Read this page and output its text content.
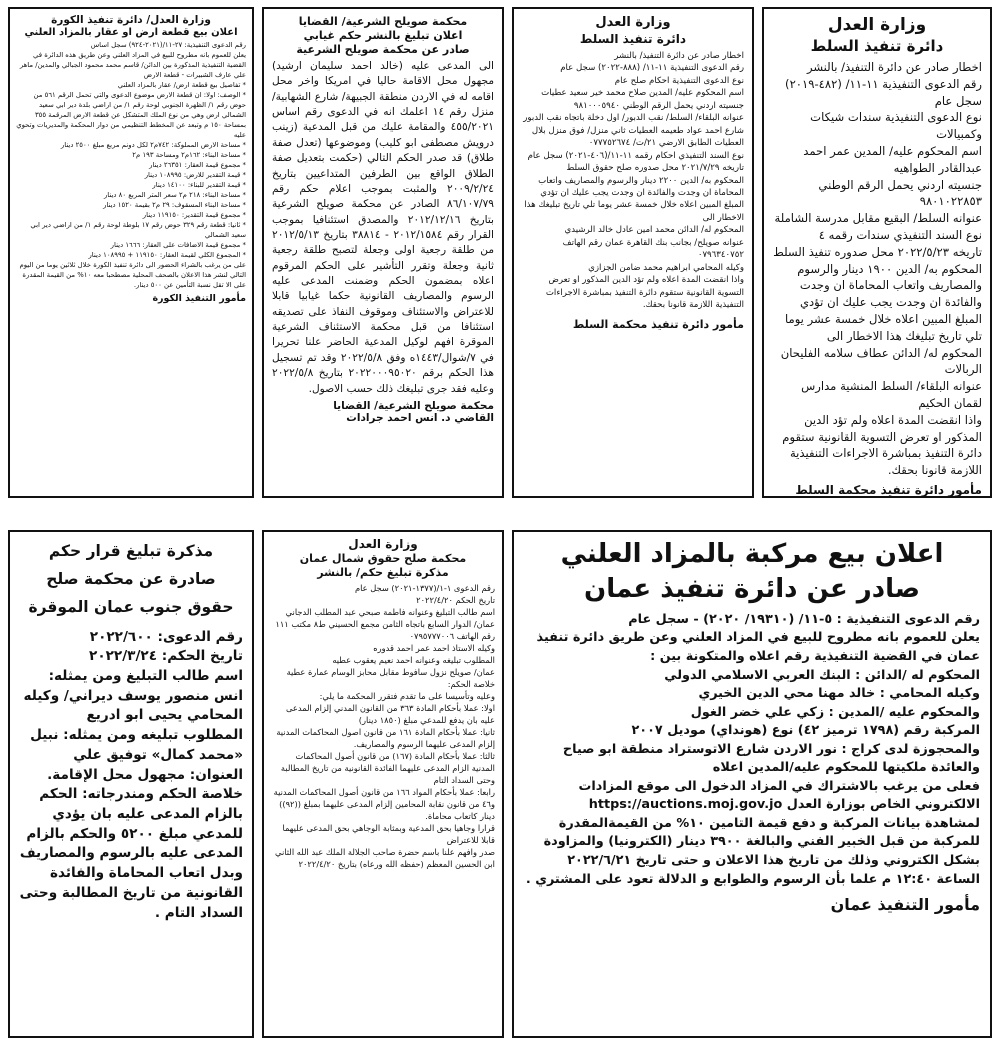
وزارة العدل

دائرة تنفيذ السلط

اخطار صادر عن دائرة التنفيذ/ بالنشر

رقم الدعوى التنفيذية ١١-١١/ (٤٨٢-٢٠١٩)

سجل عام

نوع الدعوى التنفيذية سندات شيكات وكمبيالات

اسم المحكوم عليه/ المدين عمر احمد عبدالقادر الطواهيه

جنسيته اردني يحمل الرقم الوطني ٩٨٠١٠٢٢٨٥٣

عنوانه السلط/ البقيع مقابل مدرسة الشاملة

نوع السند التنفيذي سندات رقمه ٤

تاريخه ٢٠٢٢/٥/٢٣ محل صدوره تنفيذ السلط

المحكوم به/ الدين ١٩٠٠ دينار والرسوم والمصاريف واتعاب المحاماة ان وجدت والفائدة ان وجدت يجب عليك ان تؤدي المبلغ المبين اعلاه خلال خمسة عشر يوما تلي تاريخ تبليغك هذا الاخطار الى

المحكوم له/ الدائن عطاف سلامه الفليحان الربالات

عنوانه البلقاء/ السلط المنشية مدارس لقمان الحكيم

واذا انقضت المدة اعلاه ولم تؤد الدين المذكور او تعرض التسوية القانونية ستقوم دائرة التنفيذ بمباشرة الاجراءات التنفيذية اللازمة قانونا بحقك.

مأمور دائرة تنفيذ محكمة السلط

وزارة العدل

دائرة تنفيذ السلط

اخطار صادر عن دائرة التنفيذ/ بالنشر

رقم الدعوى التنفيذية ١١-١١/ (٨٨٨-٢٠٢٢) سجل عام

نوع الدعوى التنفيذية احكام صلح عام

اسم المحكوم عليه/ المدين صلاح محمد خير سعيد عطيات

جنسيته اردني يحمل الرقم الوطني ٩٨١٠٠٠٥٩٤٠

عنوانه البلقاء/ السلط/ نقب الدبور/ اول دخلة باتجاه نقب الدبور شارع احمد عواد طعيمه العطيات ثاني منزل/ فوق منزل بلال العطيات الطابق الارضي ٢١/ت/ ٠٧٧٧٥٢٦٧٤

نوع السند التنفيذي احكام رقمه ١١-١١/(٤٠٦-٢٠٢١) سجل عام

تاريخه ٢٠٢١/٧/٢٩ محل صدوره صلح حقوق السلط

المحكوم به/ الدين ٢٢٠٠ دينار والرسوم والمصاريف واتعاب المحاماة ان وجدت والفائدة ان وجدت يجب عليك ان تؤدي المبلغ المبين اعلاه خلال خمسة عشر يوما تلي تاريخ تبليغك هذا الاخطار الى

المحكوم له/ الدائن محمد امين عادل خالد الرشيدي

عنوانه صويلح/ بجانب بنك القاهرة عمان رقم الهاتف ٠٧٩٦٣٤٠٧٥٢

وكيله المحامي ابراهيم محمد ضامن الجزازي

واذا انقضت المدة اعلاه ولم تؤد الدين المذكور او تعرض التسوية القانونية ستقوم دائرة التنفيذ بمباشرة الاجراءات التنفيذية اللازمة قانونا بحقك.

مأمور دائرة تنفيذ محكمة السلط

محكمة صويلح الشرعية/ القضايا

اعلان تبليغ بالنشر حكم غيابي

صادر عن محكمة صويلح الشرعية

الى المدعى عليه (خالد احمد سليمان ارشيد) مجهول محل الاقامة حاليا في امريكا واخر محل اقامه له في الاردن منطقة الجبيهة/ شارع الشهابية/ منزل رقم ١٤ اعلمك انه في الدعوى رقم اساس ٤٥٥/٢٠٢١ والمقامة عليك من قبل المدعية (زينب درويش مصطفى ابو كليب) وموضوعها (تعدل صفة طلاق) قد صدر الحكم التالي (حكمت بتعديل صفة الطلاق الواقع بين الطرفين المتداعيين بتاريخ ٢٠٠٩/٢/٢٤ والمثبت بموجب اعلام حكم رقم ٨٦/١٠٧/٧٩ الصادر عن محكمة صويلح الشرعية بتاريخ ٢٠١٢/١٢/١٦ والمصدق استئنافيا بموجب القرار رقم ٢٠١٢/١٥٨٤ - ٣٨٨١٤ بتاريخ ٢٠١٢/٥/١٣ من طلقة رجعية اولى وجعلة لتصبح طلقة رجعية ثانية وجعلة وتقرر التأشير على الحكم المرقوم اعلاه بمضمون الحكم وضمنت المدعى عليه الرسوم والمصاريف القانونية حكما غيابيا قابلا للاعتراض والاستئناف وموقوف النفاذ على تصديقه استئنافا من قبل محكمة الاستئناف الشرعية الموقرة افهم لوكيل المدعية الحاضر علنا تحريرا في ٧/شوال/١٤٤٣ه وفق ٢٠٢٢/٥/٨ وقد تم تسجيل هذا الحكم برقم ٢٠٢٢٠٠٠٩٥٠٢٠ بتاريخ ٢٠٢٢/٥/٨ وعليه فقد جرى تبليغك ذلك حسب الاصول.

محكمة صويلح الشرعية/ القضايا

القاضي د. انس احمد جرادات

وزارة العدل/ دائرة تنفيذ الكورة

اعلان بيع قطعة ارض او عقار بالمزاد العلني

رقم الدعوى التنفيذية: ٢٧-١١/(٢٠٢١-٩٢٤) سجل اساس

يعلن للعموم بانه مطروح للبيع في المزاد العلني وعن طريق هذه الدائرة في القضية التنفيذية المذكورة بين الدائن/ قاسم محمد محمود الجبالي والمدين/ ماهر علي عارف الشبيرات - قطعة الارض

* تفاصيل بيع قطعة ارض/ عقار بالمزاد العلني

* الوصف: اولا: ان قطعة الارض موضوع الدعوى والتي تحمل الرقم ٥٦١ من حوض رقم ١/ الظهرة الجنوبي لوحة رقم ١/ من اراضي بلدة دير ابي سعيد الشمالي ارض وهي من نوع الملك المتشكل عن قطعة الارض المرقمة ٣٥٥ بمساحة ١٥٠ م وتبعد عن المخطط التنظيمي من دوار المحكمة والمديريات وتحوي عليه

* مساحة الارض المملوكة: ٧٤٢م٢ لكل دونم مربع مبلغ ٢٥٠٠ دينار

* مساحة البناء: ١٦٢م٢ ومساحة ١٩٣ م٢

* مجموع قيمة العقار: ٢٦٣٥١ دينار

* قيمة التقدير للارض: ١٠٨٩٩٥ دينار

* قيمة التقدير للبناء: ١٤١٠٠ دينار

* مساحة البناء: ٢١٨ م٢ سعر المتر المربع ٨٠ دينار

* مساحة البناء المسقوف: ٢٩ م٢ بقيمة ١٥٢٠ دينار

* مجموع قيمة التقدير: ١١٩١٥٠ دينار

* ثانيا: قطعة رقم ٣٢٩ حوض رقم ١٧ بلوطة لوحة رقم ١/ من اراضي دير ابي سعيد الشمالي

* مجموع قيمة الاضافات على العقار: ١٦٦٦ دينار

* المجموع الكلي لقيمة العقار: ١١٩١٥٠ + ١٠٨٩٩٥ دينار

على من يرغب بالشراء الحضور الى دائرة تنفيذ الكورة خلال ثلاثين يوما من اليوم التالي لنشر هذا الاعلان بالصحف المحلية مصطحبا معه ١٠% من القيمة المقدرة على الا تقل نسبة التأمين عن ٥٠٠ دينار.

مأمور التنفيذ الكورة

اعلان بيع مركبة بالمزاد العلني

صادر عن دائرة تنفيذ عمان

رقم الدعوى التنفيذية : ٥-١١/ (١٩٣١٠/ ٢٠٢٠) - سجل عام

يعلن للعموم بانه مطروح للبيع في المزاد العلني وعن طريق دائرة تنفيذ عمان في القضية التنفيذية رقم اعلاه والمتكونة بين :

المحكوم له /الدائن : البنك العربي الاسلامي الدولي

وكيله المحامي : خالد مهنا محي الدين الخيري

والمحكوم عليه /المدين : زكي علي خضر الغول

المركبة رقم (١٧٩٨ ترميز ٤٢) نوع (هونداي) موديل ٢٠٠٧

والمحجوزة لدى كراج : نور الاردن شارع الاتوستراد منطقة ابو صياح والعائدة ملكيتها للمحكوم عليه/المدين اعلاه

فعلى من يرغب بالاشتراك في المزاد الدخول الى موقع المزادات الالكتروني الخاص بوزارة العدل https://auctions.moj.gov.jo

لمشاهدة بيانات المركبة و دفع قيمة التامين ١٠% من القيمةالمقدرة للمركبة من قبل الخبير الفني والبالغة ٣٩٠٠ دينار (الكترونيا) والمزاودة بشكل الكتروني وذلك من تاريخ هذا الاعلان و حتى تاريخ ٢٠٢٢/٦/٢١ الساعة ١٢:٤٠ م علما بأن الرسوم والطوابع و الدلالة تعود على المشتري .

مأمور التنفيذ عمان

وزارة العدل

محكمة صلح حقوق شمال عمان

مذكرة تبليغ حكم/ بالنشر

رقم الدعوى ١-١/(١٣٧٧-٢٠٢١) سجل عام

تاريخ الحكم ٢٠٢٢/٤/٢٠

اسم طالب التبليغ وعنوانه فاطمة صبحي عبد المطلب الدجاني

عمان/ الدوار السابع باتجاه الثامن مجمع الحسيني ط٨ مكتب ١١١ رقم الهاتف ٠٧٩٥٧٧٧٠٠٦

وكيله الاستاذ احمد عمر احمد قدوره

المطلوب تبليغه وعنوانه احمد نعيم يعقوب عطيه

عمان/ صويلح نزول سافوط مقابل محابز الوسام عمارة عطية

خلاصة الحكم:

وعليه وتأسيسا على ما تقدم فتقرر المحكمة ما يلي:

اولا: عملا بأحكام المادة ٣٦٣ من القانون المدني إلزام المدعى عليه بان يدفع للمدعي مبلغ (١٨٥٠ دينار)

ثانيا: عملا بأحكام المادة ١٦١ من قانون اصول المحاكمات المدنية إلزام المدعى عليهما الرسوم والمصاريف.

ثالثا: عملا بأحكام المادة (١٦٧) من قانون أصول المحاكمات المدنية الزام المدعى عليهما الفائدة القانونية من تاريخ المطالبة وحتى السداد التام

رابعا: عملا بأحكام المواد ١٦٦ من قانون أصول المحاكمات المدنية و٤٦ من قانون نقابة المحامين إلزام المدعى عليهما بمبلغ ((٩٢)) دينار كاتعاب محاماة.

قرارا وجاهيا بحق المدعية وبمثابة الوجاهي بحق المدعى عليهما قابلا للاعتراض

صدر وافهم علنا باسم حضرة صاحب الجلالة الملك عبد الله الثاني ابن الحسين المعظم (حفظه الله ورعاه) بتاريخ ٢٠٢٢/٤/٢٠

مذكرة تبليغ قرار حكم

صادرة عن محكمة صلح

حقوق جنوب عمان الموقرة

رقم الدعوى: ٢٠٢٢/٦٠٠

تاريخ الحكم: ٢٠٢٢/٣/٢٤

اسم طالب التبليغ ومن يمثله: انس منصور يوسف ديراني/ وكيله المحامي يحيى ابو ادريع

المطلوب تبليغه ومن يمثله: نبيل «محمد كمال» توفيق علي

العنوان: مجهول محل الإقامة.

خلاصة الحكم ومندرجاته: الحكم بالزام المدعى عليه بان يؤدي للمدعي مبلغ ٥٢٠٠ والحكم بالزام المدعى عليه بالرسوم والمصاريف وبدل اتعاب المحاماة والفائدة القانونية من تاريخ المطالبة وحتى السداد التام .
